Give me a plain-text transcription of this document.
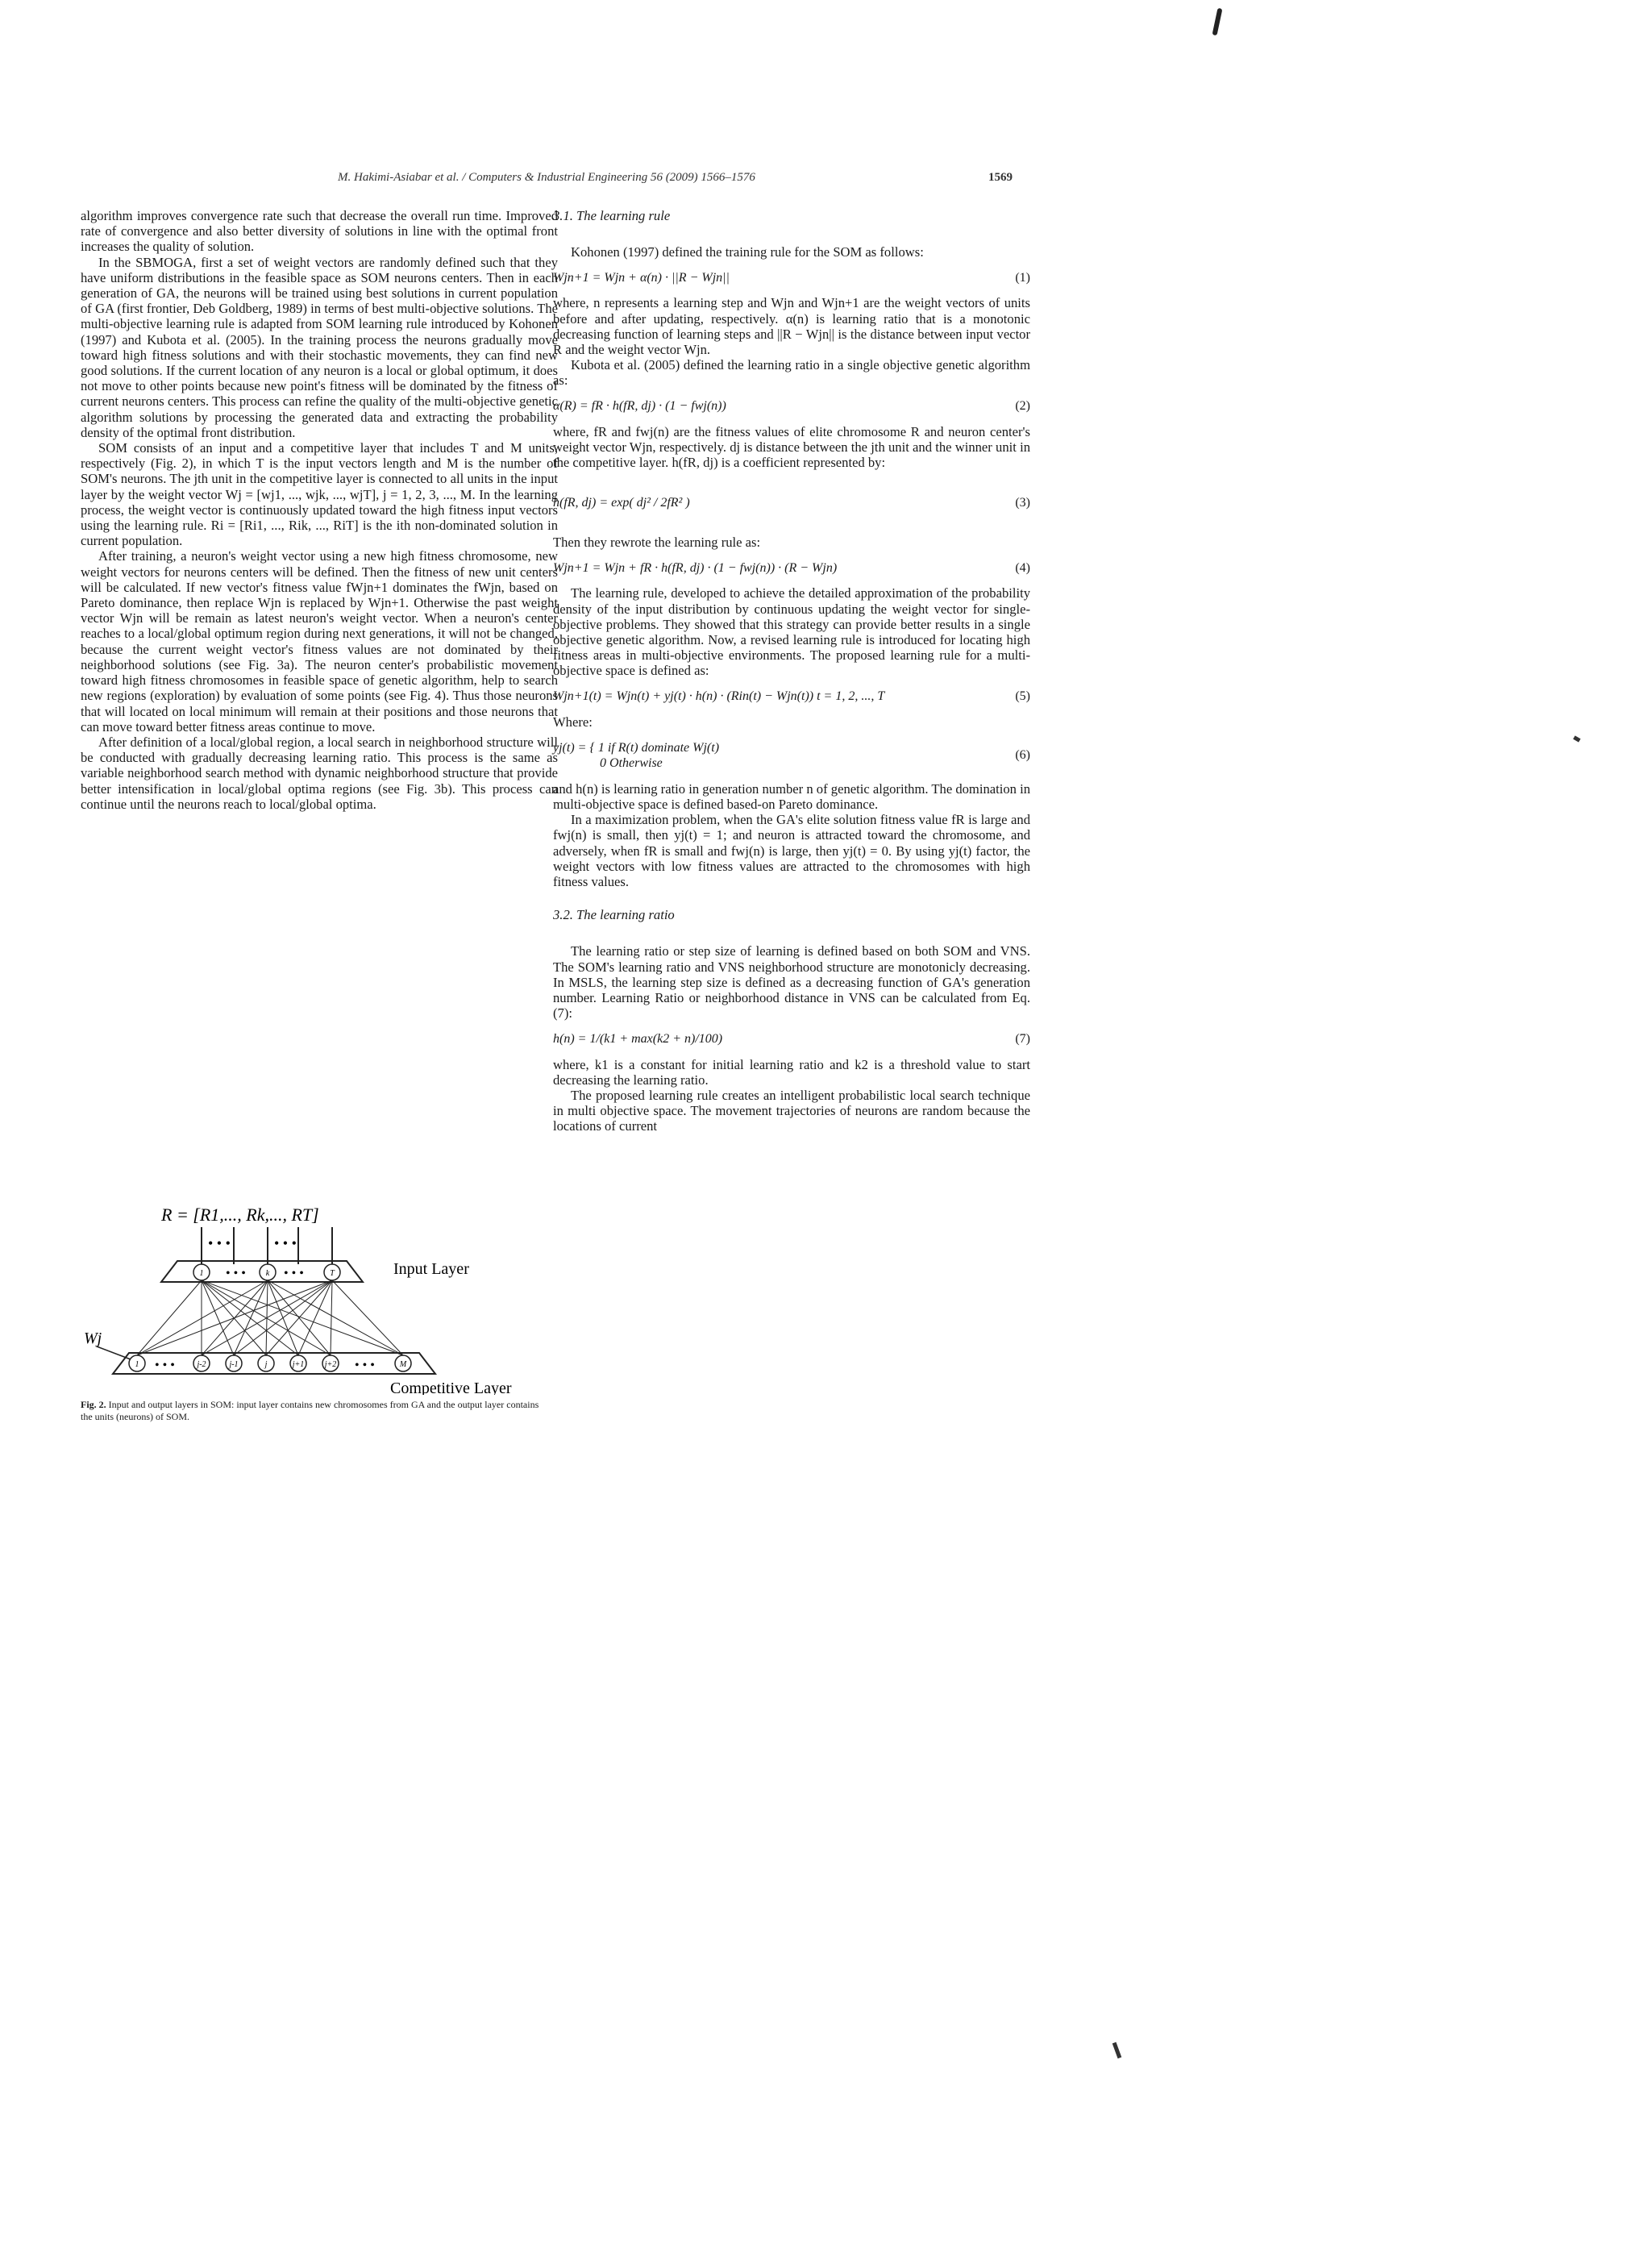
M. Hakimi-Asiabar et al. / Computers & Industrial Engineering 56 (2009) 1566–1576	1569

algorithm improves convergence rate such that decrease the overall run time. Improved rate of convergence and also better diversity of solutions in line with the optimal front increases the quality of solution.

In the SBMOGA, first a set of weight vectors are randomly defined such that they have uniform distributions in the feasible space as SOM neurons centers. Then in each generation of GA, the neurons will be trained using best solutions in current population of GA (first frontier, Deb Goldberg, 1989) in terms of best multi-objective solutions. The multi-objective learning rule is adapted from SOM learning rule introduced by Kohonen (1997) and Kubota et al. (2005). In the training process the neurons gradually move toward high fitness solutions and with their stochastic movements, they can find new good solutions. If the current location of any neuron is a local or global optimum, it does not move to other points because new point's fitness will be dominated by the fitness of current neurons centers. This process can refine the quality of the multi-objective genetic algorithm solutions by processing the generated data and extracting the probability density of the optimal front distribution.

SOM consists of an input and a competitive layer that includes T and M units, respectively (Fig. 2), in which T is the input vectors length and M is the number of SOM's neurons. The jth unit in the competitive layer is connected to all units in the input layer by the weight vector Wj = [wj1, ..., wjk, ..., wjT], j = 1, 2, 3, ..., M. In the learning process, the weight vector is continuously updated toward the high fitness input vectors using the learning rule. Ri = [Ri1, ..., Rik, ..., RiT] is the ith non-dominated solution in current population.

After training, a neuron's weight vector using a new high fitness chromosome, new weight vectors for neurons centers will be defined. Then the fitness of new unit centers will be calculated. If new vector's fitness value fWjn+1 dominates the fWjn, based on Pareto dominance, then replace Wjn is replaced by Wjn+1. Otherwise the past weight vector Wjn will be remain as latest neuron's weight vector. When a neuron's center reaches to a local/global optimum region during next generations, it will not be changed, because the current weight vector's fitness values are not dominated by their neighborhood solutions (see Fig. 3a). The neuron center's probabilistic movement toward high fitness chromosomes in feasible space of genetic algorithm, help to search new regions (exploration) by evaluation of some points (see Fig. 4). Thus those neurons that will located on local minimum will remain at their positions and those neurons that can move toward better fitness areas continue to move.

After definition of a local/global region, a local search in neighborhood structure will be conducted with gradually decreasing learning ratio. This process is the same as variable neighborhood search method with dynamic neighborhood structure that provide better intensification in local/global optima regions (see Fig. 3b). This process can continue until the neurons reach to local/global optima.

R = [R1,..., Rk,..., RT]
• • •	• • •
Wj
Input Layer
Competitive Layer
• • •	• • •
• • •	• • •
1	k	T
1	j-2	j-1	j	j+1	j+2	M
Fig. 2. Input and output layers in SOM: input layer contains new chromosomes from GA and the output layer contains the units (neurons) of SOM.
3.1. The learning rule

Kohonen (1997) defined the training rule for the SOM as follows:

Wjn+1 = Wjn + α(n) · ||R − Wjn||	(1)

where, n represents a learning step and Wjn and Wjn+1 are the weight vectors of units before and after updating, respectively. α(n) is learning ratio that is a monotonic decreasing function of learning steps and ||R − Wjn|| is the distance between input vector R and the weight vector Wjn.

Kubota et al. (2005) defined the learning ratio in a single objective genetic algorithm as:

α(R) = fR · h(fR, dj) · (1 − fwj(n))	(2)

where, fR and fwj(n) are the fitness values of elite chromosome R and neuron center's weight vector Wjn, respectively. dj is distance between the jth unit and the winner unit in the competitive layer. h(fR, dj) is a coefficient represented by:

h(fR, dj) = exp( dj² / 2fR² )	(3)

Then they rewrote the learning rule as:

Wjn+1 = Wjn + fR · h(fR, dj) · (1 − fwj(n)) · (R − Wjn)	(4)

The learning rule, developed to achieve the detailed approximation of the probability density of the input distribution by continuous updating the weight vector for single-objective problems. They showed that this strategy can provide better results in a single objective genetic algorithm. Now, a revised learning rule is introduced for locating high fitness areas in multi-objective environments. The proposed learning rule for a multi-objective space is defined as:

Wjn+1(t) = Wjn(t) + yj(t) · h(n) · (Rin(t) − Wjn(t)) t = 1, 2, ..., T	(5)

Where:

yj(t) = { 1 if R(t) dominate Wj(t)
0 Otherwise
(6)

and h(n) is learning ratio in generation number n of genetic algorithm. The domination in multi-objective space is defined based-on Pareto dominance.

In a maximization problem, when the GA's elite solution fitness value fR is large and fwj(n) is small, then yj(t) = 1; and neuron is attracted toward the chromosome, and adversely, when fR is small and fwj(n) is large, then yj(t) = 0. By using yj(t) factor, the weight vectors with low fitness values are attracted to the chromosomes with high fitness values.

3.2. The learning ratio

The learning ratio or step size of learning is defined based on both SOM and VNS. The SOM's learning ratio and VNS neighborhood structure are monotonicly decreasing. In MSLS, the learning step size is defined as a decreasing function of GA's generation number. Learning Ratio or neighborhood distance in VNS can be calculated from Eq. (7):

h(n) = 1/(k1 + max(k2 + n)/100)	(7)

where, k1 is a constant for initial learning ratio and k2 is a threshold value to start decreasing the learning ratio.

The proposed learning rule creates an intelligent probabilistic local search technique in multi objective space. The movement trajectories of neurons are random because the locations of current
